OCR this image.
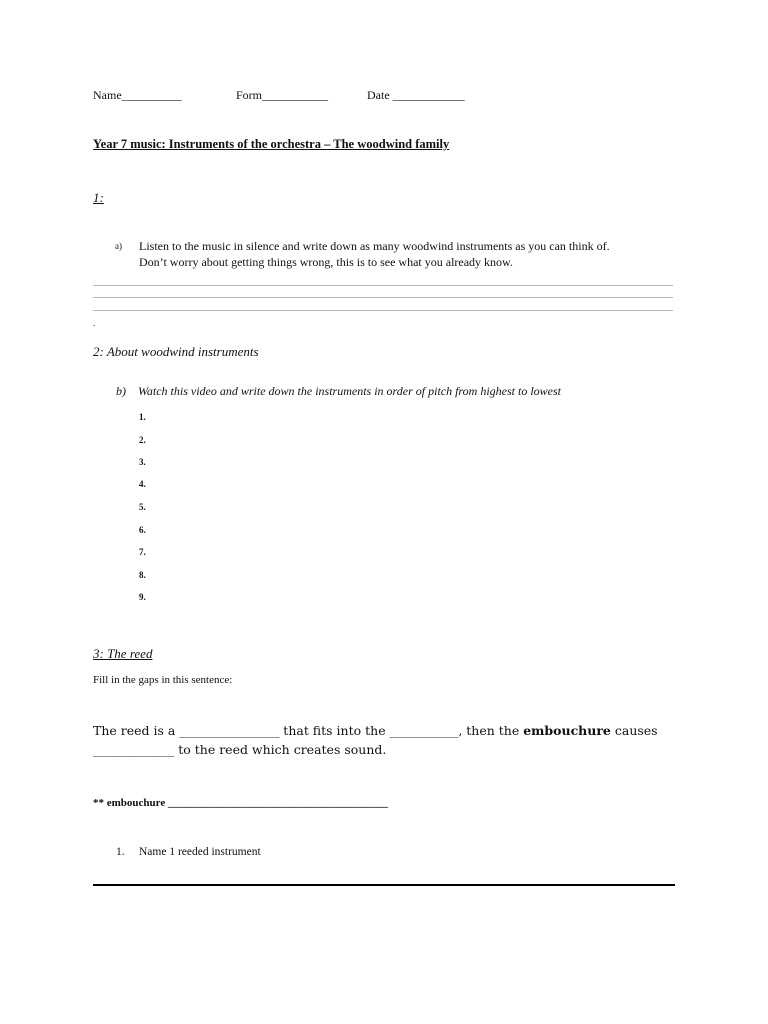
Name__________	Form___________	Date ____________
Year 7 music: Instruments of the orchestra – The woodwind family
1:
a) Listen to the music in silence and write down as many woodwind instruments as you can think of.
Don’t worry about getting things wrong, this is to see what you already know.
.
2: About woodwind instruments
b) Watch this video and write down the instruments in order of pitch from highest to lowest
1.
2.
3.
4.
5.
6.
7.
8.
9.
3: The reed
Fill in the gaps in this sentence:
The reed is a ________________ that fits into the ___________, then the embouchure causes _____________ to the reed which creates sound.
** embouchure ________________________________________
1. Name 1 reeded instrument
